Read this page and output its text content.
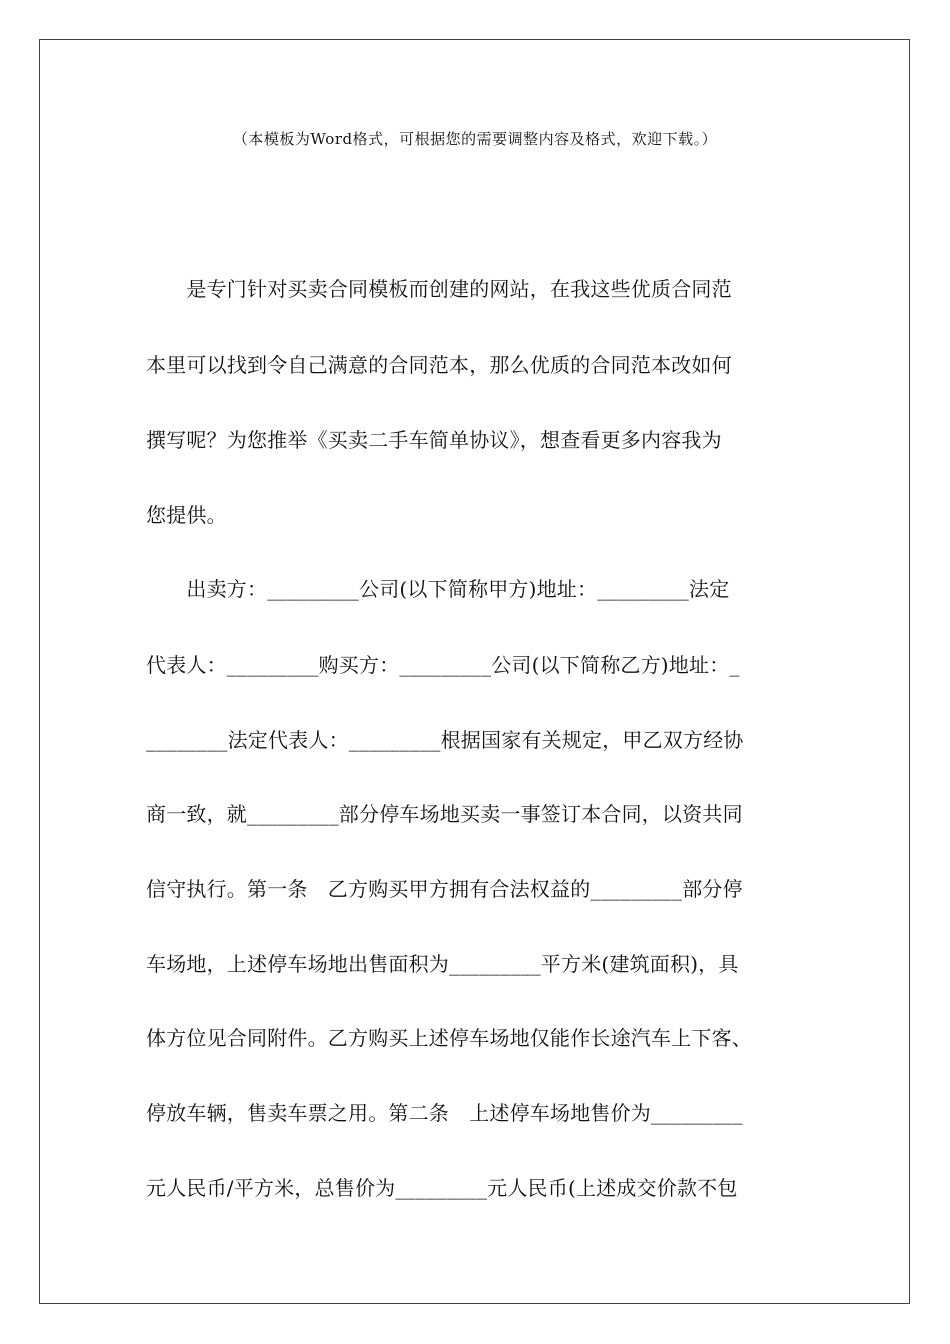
（本模板为Word格式，可根据您的需要调整内容及格式，欢迎下载。）
　　是专门针对买卖合同模板而创建的网站，在我这些优质合同范
本里可以找到令自己满意的合同范本，那么优质的合同范本改如何
撰写呢？为您推举《买卖二手车简单协议》，想查看更多内容我为
您提供。
　　出卖方：_________公司(以下简称甲方)地址：_________法定
代表人：_________购买方：_________公司(以下简称乙方)地址：_
________法定代表人：_________根据国家有关规定，甲乙双方经协
商一致，就_________部分停车场地买卖一事签订本合同，以资共同
信守执行。第一条　乙方购买甲方拥有合法权益的_________部分停
车场地，上述停车场地出售面积为_________平方米(建筑面积)，具
体方位见合同附件。乙方购买上述停车场地仅能作长途汽车上下客、
停放车辆，售卖车票之用。第二条　上述停车场地售价为_________
元人民币/平方米，总售价为_________元人民币(上述成交价款不包
